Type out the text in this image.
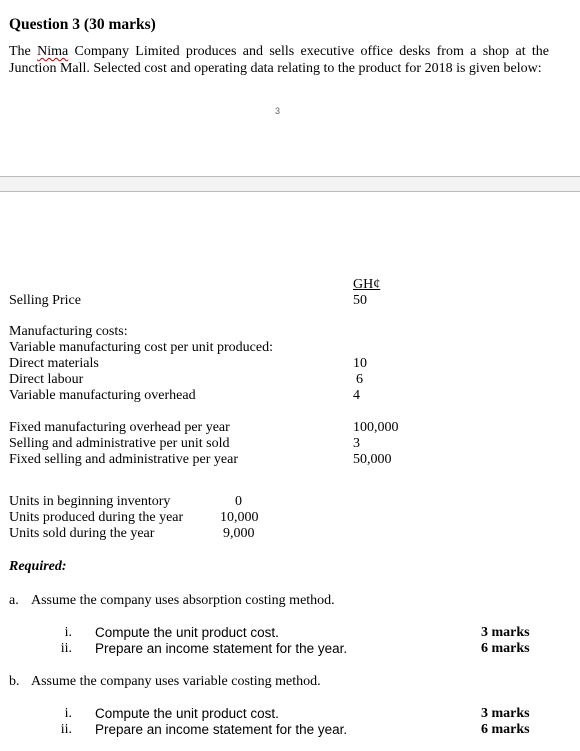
Question 3 (30 marks)
The Nima Company Limited produces and sells executive office desks from a shop at the Junction Mall. Selected cost and operating data relating to the product for 2018 is given below:
3
GH¢
Selling Price	50
Manufacturing costs:
Variable manufacturing cost per unit produced:
Direct materials	10
Direct labour	6
Variable manufacturing overhead	4
Fixed manufacturing overhead per year	100,000
Selling and administrative per unit sold	3
Fixed selling and administrative per year	50,000
Units in beginning inventory	0
Units produced during the year	10,000
Units sold during the year	9,000
Required:
a. Assume the company uses absorption costing method.
i. Compute the unit product cost.	3 marks
ii. Prepare an income statement for the year.	6 marks
b. Assume the company uses variable costing method.
i. Compute the unit product cost.	3 marks
ii. Prepare an income statement for the year.	6 marks
